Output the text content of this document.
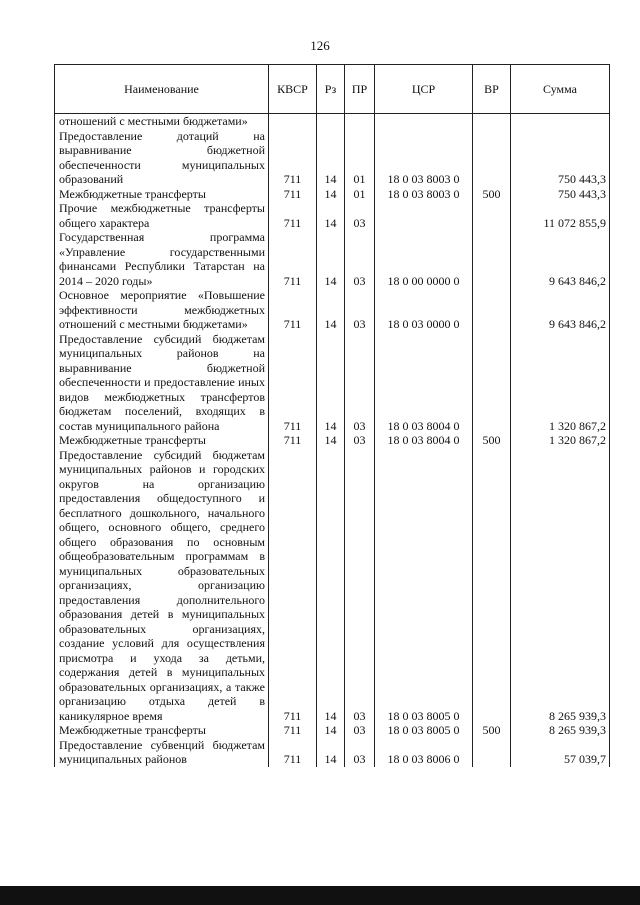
126
Наименование	КВСР	Рз	ПР	ЦСР	ВР	Сумма
отношений с местными бюджетами»						
Предоставление дотаций на выравнивание бюджетной обеспеченности муниципальных образований	711	14	01	18 0 03 8003 0		750 443,3
Межбюджетные трансферты	711	14	01	18 0 03 8003 0	500	750 443,3
Прочие межбюджетные трансферты общего характера	711	14	03			11 072 855,9
Государственная программа «Управление государственными финансами Республики Татарстан на 2014 – 2020 годы»	711	14	03	18 0 00 0000 0		9 643 846,2
Основное мероприятие «Повышение эффективности межбюджетных отношений с местными бюджетами»	711	14	03	18 0 03 0000 0		9 643 846,2
Предоставление субсидий бюджетам муниципальных районов на выравнивание бюджетной обеспеченности и предоставление иных видов межбюджетных трансфертов бюджетам поселений, входящих в состав муниципального района	711	14	03	18 0 03 8004 0		1 320 867,2
Межбюджетные трансферты	711	14	03	18 0 03 8004 0	500	1 320 867,2
Предоставление субсидий бюджетам муниципальных районов и городских округов на организацию предоставления общедоступного и бесплатного дошкольного, начального общего, основного общего, среднего общего образования по основным общеобразовательным программам в муниципальных образовательных организациях, организацию предоставления дополнительного образования детей в муниципальных образовательных организациях, создание условий для осуществления присмотра и ухода за детьми, содержания детей в муниципальных образовательных организациях, а также организацию отдыха детей в каникулярное время	711	14	03	18 0 03 8005 0		8 265 939,3
Межбюджетные трансферты	711	14	03	18 0 03 8005 0	500	8 265 939,3
Предоставление субвенций бюджетам муниципальных районов	711	14	03	18 0 03 8006 0		57 039,7
